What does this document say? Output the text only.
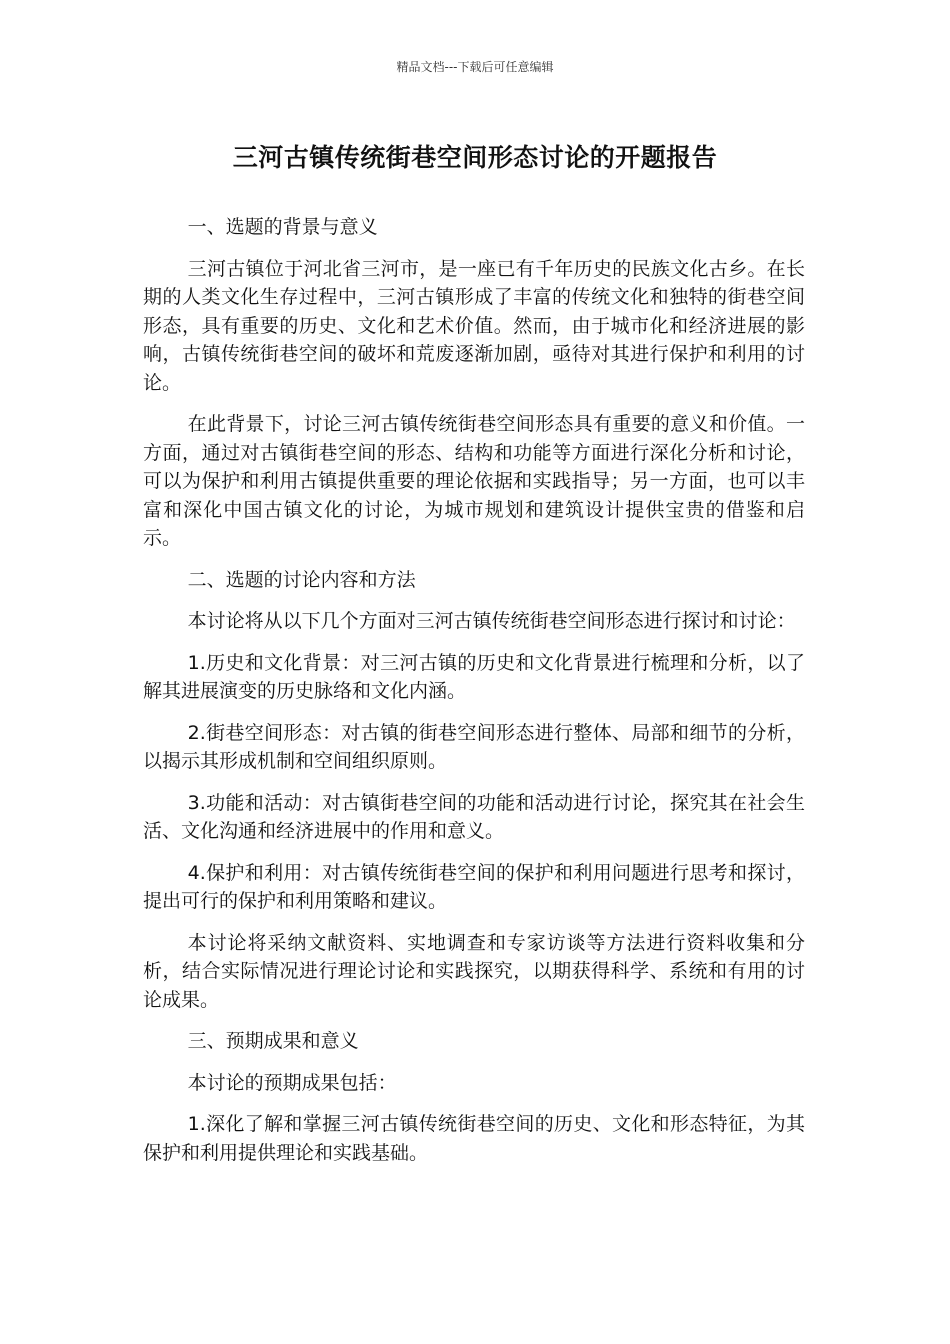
精品文档---下载后可任意编辑
三河古镇传统街巷空间形态讨论的开题报告

一、选题的背景与意义

三河古镇位于河北省三河市，是一座已有千年历史的民族文化古乡。在长期的人类文化生存过程中，三河古镇形成了丰富的传统文化和独特的街巷空间形态，具有重要的历史、文化和艺术价值。然而，由于城市化和经济进展的影响，古镇传统街巷空间的破坏和荒废逐渐加剧，亟待对其进行保护和利用的讨论。

在此背景下，讨论三河古镇传统街巷空间形态具有重要的意义和价值。一方面，通过对古镇街巷空间的形态、结构和功能等方面进行深化分析和讨论，可以为保护和利用古镇提供重要的理论依据和实践指导；另一方面，也可以丰富和深化中国古镇文化的讨论，为城市规划和建筑设计提供宝贵的借鉴和启示。

二、选题的讨论内容和方法

本讨论将从以下几个方面对三河古镇传统街巷空间形态进行探讨和讨论：

1.历史和文化背景：对三河古镇的历史和文化背景进行梳理和分析，以了解其进展演变的历史脉络和文化内涵。

2.街巷空间形态：对古镇的街巷空间形态进行整体、局部和细节的分析，以揭示其形成机制和空间组织原则。

3.功能和活动：对古镇街巷空间的功能和活动进行讨论，探究其在社会生活、文化沟通和经济进展中的作用和意义。

4.保护和利用：对古镇传统街巷空间的保护和利用问题进行思考和探讨，提出可行的保护和利用策略和建议。

本讨论将采纳文献资料、实地调查和专家访谈等方法进行资料收集和分析，结合实际情况进行理论讨论和实践探究，以期获得科学、系统和有用的讨论成果。

三、预期成果和意义

本讨论的预期成果包括：

1.深化了解和掌握三河古镇传统街巷空间的历史、文化和形态特征，为其保护和利用提供理论和实践基础。
